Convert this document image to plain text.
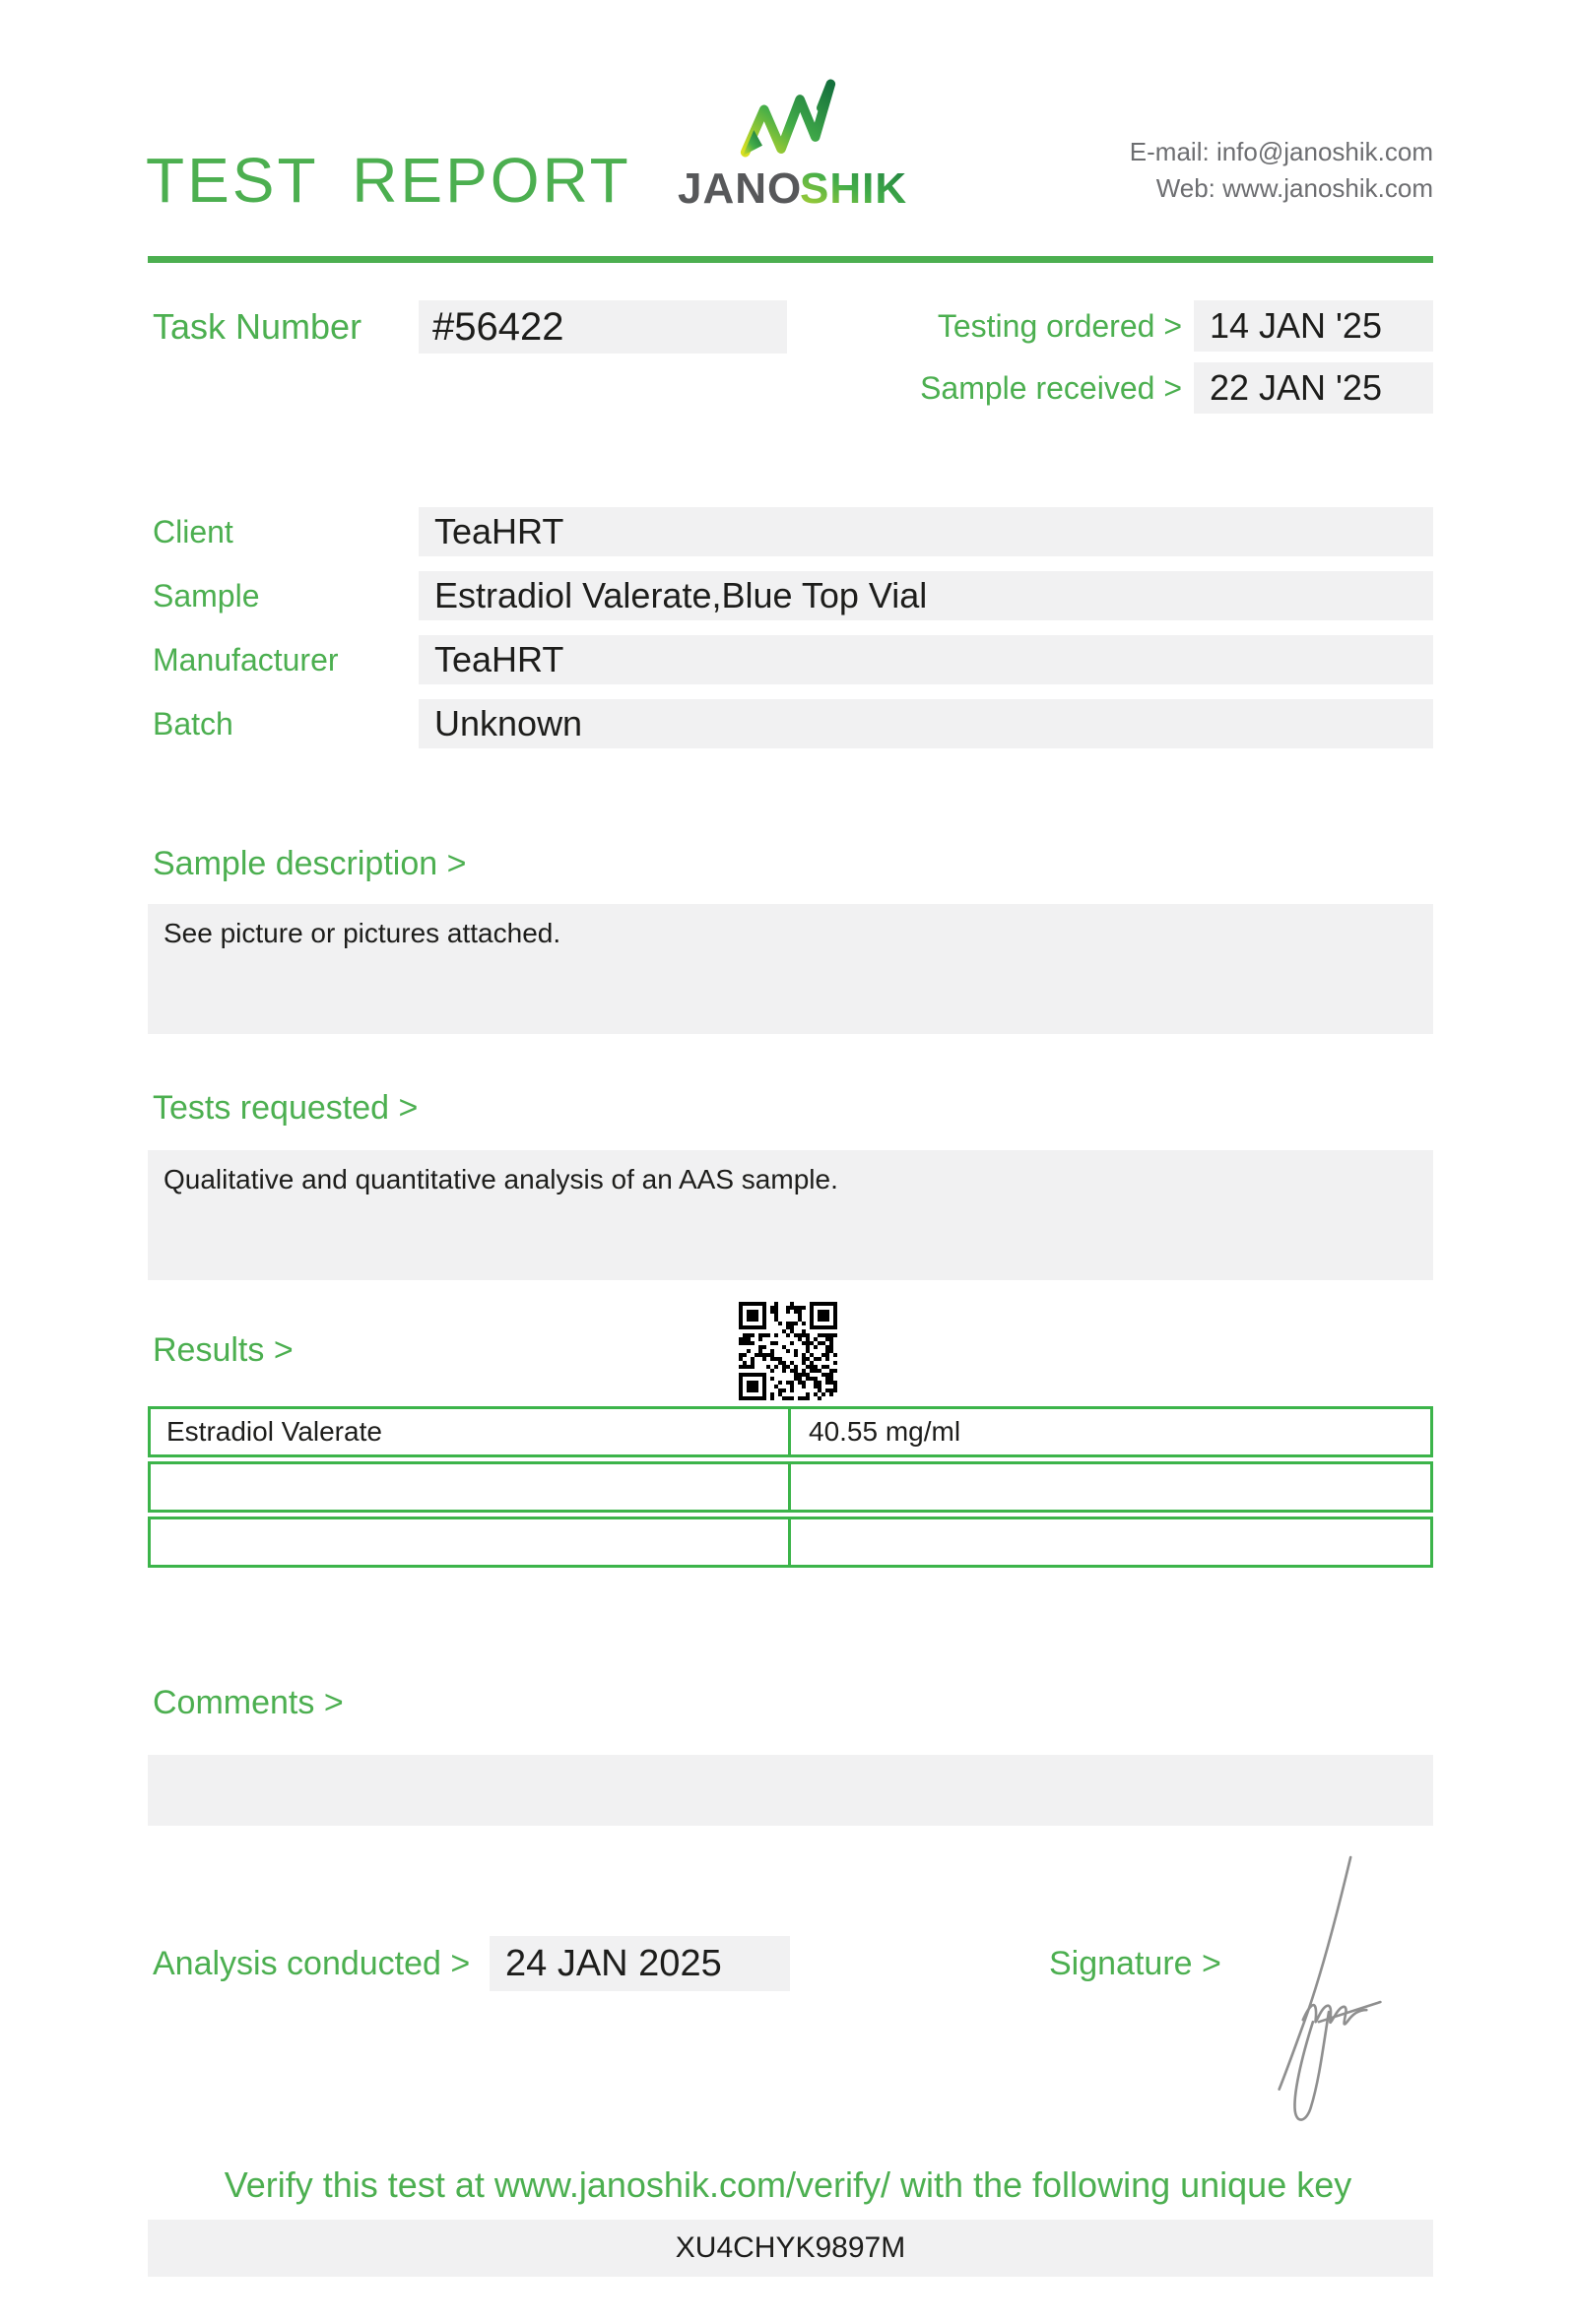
TEST REPORT JANO
SHIK
E-mail: info@janoshik.com
Web: www.janoshik.com
Task Number	#56422	Testing ordered > 14 JAN '25
Sample received > 22 JAN '25
Client	TeaHRT
Sample	Estradiol Valerate,Blue Top Vial
Manufacturer	TeaHRT
Batch	Unknown
Sample description >
See picture or pictures attached.
Tests requested >
Qualitative and quantitative analysis of an AAS sample.
Results >
Estradiol Valerate	40.55 mg/ml
Comments >
Analysis conducted > 24 JAN 2025	Signature >
Verify this test at www.janoshik.com/verify/ with the following unique key
XU4CHYK9897M
